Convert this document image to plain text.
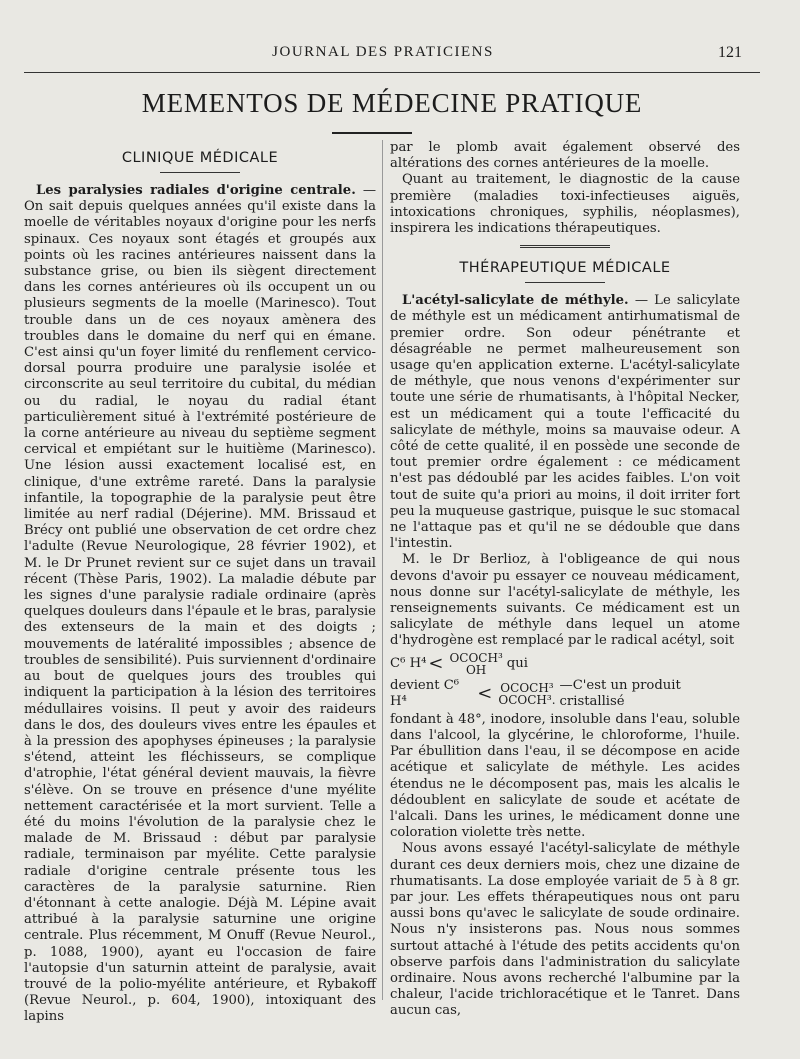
JOURNAL DES PRATICIENS	121
MEMENTOS DE MÉDECINE PRATIQUE
CLINIQUE MÉDICALE

Les paralysies radiales d'origine centrale. — On sait depuis quelques années qu'il existe dans la moelle de véritables noyaux d'origine pour les nerfs spinaux. Ces noyaux sont étagés et groupés aux points où les racines antérieures naissent dans la substance grise, ou bien ils siègent directement dans les cornes antérieures où ils occupent un ou plusieurs segments de la moelle (Marinesco). Tout trouble dans un de ces noyaux amènera des troubles dans le domaine du nerf qui en émane. C'est ainsi qu'un foyer limité du renflement cervico-dorsal pourra produire une paralysie isolée et circonscrite au seul territoire du cubital, du médian ou du radial, le noyau du radial étant particulièrement situé à l'extrémité postérieure de la corne antérieure au niveau du septième segment cervical et empiétant sur le huitième (Marinesco). Une lésion aussi exactement localisé est, en clinique, d'une extrême rareté. Dans la paralysie infantile, la topographie de la paralysie peut être limitée au nerf radial (Déjerine). MM. Brissaud et Brécy ont publié une observation de cet ordre chez l'adulte (Revue Neurologique, 28 février 1902), et M. le Dr Prunet revient sur ce sujet dans un travail récent (Thèse Paris, 1902). La maladie débute par les signes d'une paralysie radiale ordinaire (après quelques douleurs dans l'épaule et le bras, paralysie des extenseurs de la main et des doigts ; mouvements de latéralité impossibles ; absence de troubles de sensibilité). Puis surviennent d'ordinaire au bout de quelques jours des troubles qui indiquent la participation à la lésion des territoires médullaires voisins. Il peut y avoir des raideurs dans le dos, des douleurs vives entre les épaules et à la pression des apophyses épineuses ; la paralysie s'étend, atteint les fléchisseurs, se complique d'atrophie, l'état général devient mauvais, la fièvre s'élève. On se trouve en présence d'une myélite nettement caractérisée et la mort survient. Telle a été du moins l'évolution de la paralysie chez le malade de M. Brissaud : début par paralysie radiale, terminaison par myélite. Cette paralysie radiale d'origine centrale présente tous les caractères de la paralysie saturnine. Rien d'étonnant à cette analogie. Déjà M. Lépine avait attribué à la paralysie saturnine une origine centrale. Plus récemment, M Onuff (Revue Neurol., p. 1088, 1900), ayant eu l'occasion de faire l'autopsie d'un saturnin atteint de paralysie, avait trouvé de la polio-myélite antérieure, et Rybakoff (Revue Neurol., p. 604, 1900), intoxiquant des lapins

par le plomb avait également observé des altérations des cornes antérieures de la moelle.

Quant au traitement, le diagnostic de la cause première (maladies toxi-infectieuses aiguës, intoxications chroniques, syphilis, néoplasmes), inspirera les indications thérapeutiques.

THÉRAPEUTIQUE MÉDICALE

L'acétyl-salicylate de méthyle. — Le salicylate de méthyle est un médicament antirhumatismal de premier ordre. Son odeur pénétrante et désagréable ne permet malheureusement son usage qu'en application externe. L'acétyl-salicylate de méthyle, que nous venons d'expérimenter sur toute une série de rhumatisants, à l'hôpital Necker, est un médicament qui a toute l'efficacité du salicylate de méthyle, moins sa mauvaise odeur. A côté de cette qualité, il en possède une seconde de tout premier ordre également : ce médicament n'est pas dédoublé par les acides faibles. L'on voit tout de suite qu'a priori au moins, il doit irriter fort peu la muqueuse gastrique, puisque le suc stomacal ne l'attaque pas et qu'il ne se dédouble que dans l'intestin.

M. le Dr Berlioz, à l'obligeance de qui nous devons d'avoir pu essayer ce nouveau médicament, nous donne sur l'acétyl-salicylate de méthyle, les renseignements suivants. Ce médicament est un salicylate de méthyle dans lequel un atome d'hydrogène est remplacé par le radical acétyl, soit

C⁶ H⁴ < OCOCH³
OH qui
devient C⁶ H⁴	< OCOCH³
OCOCH³.
—C'est un produit cristallisé

fondant à 48°, inodore, insoluble dans l'eau, soluble dans l'alcool, la glycérine, le chloroforme, l'huile. Par ébullition dans l'eau, il se décompose en acide acétique et salicylate de méthyle. Les acides étendus ne le décomposent pas, mais les alcalis le dédoublent en salicylate de soude et acétate de l'alcali. Dans les urines, le médicament donne une coloration violette très nette.

Nous avons essayé l'acétyl-salicylate de méthyle durant ces deux derniers mois, chez une dizaine de rhumatisants. La dose employée variait de 5 à 8 gr. par jour. Les effets thérapeutiques nous ont paru aussi bons qu'avec le salicylate de soude ordinaire. Nous n'y insisterons pas. Nous nous sommes surtout attaché à l'étude des petits accidents qu'on observe parfois dans l'administration du salicylate ordinaire. Nous avons recherché l'albumine par la chaleur, l'acide trichloracétique et le Tanret. Dans aucun cas,
